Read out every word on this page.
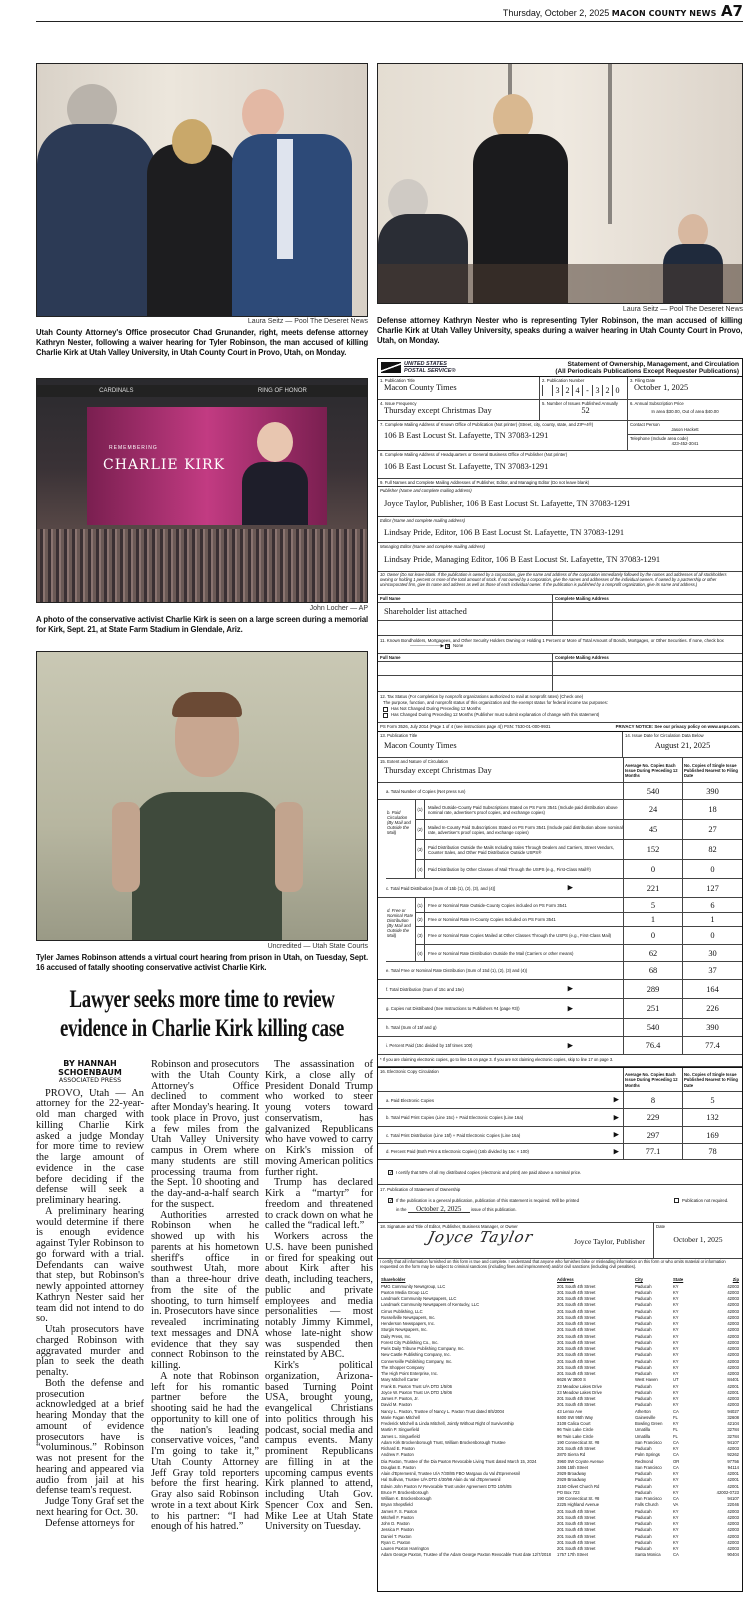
Thursday, October 2, 2025 MACON COUNTY NEWS A7
Laura Seitz — Pool The Deseret News
Utah County Attorney's Office prosecutor Chad Grunander, right, meets defense attorney Kathryn Nester, following a waiver hearing for Tyler Robinson, the man accused of killing Charlie Kirk at Utah Valley University, in Utah County Court in Provo, Utah, on Monday.
CARDINALS	RING OF HONOR
REMEMBERING
CHARLIE KIRK
John Locher — AP
A photo of the conservative activist Charlie Kirk is seen on a large screen during a memorial for Kirk, Sept. 21, at State Farm Stadium in Glendale, Ariz.
Uncredited — Utah State Courts
Tyler James Robinson attends a virtual court hearing from prison in Utah, on Tuesday, Sept. 16 accused of fatally shooting conservative activist Charlie Kirk.
Lawyer seeks more time to review evidence in Charlie Kirk killing case
BY HANNAH SCHOENBAUM
ASSOCIATED PRESS

PROVO, Utah — An attorney for the 22-year-old man charged with killing Charlie Kirk asked a judge Monday for more time to review the large amount of evidence in the case before deciding if the defense will seek a preliminary hearing.

A preliminary hearing would determine if there is enough evidence against Tyler Robinson to go forward with a trial. Defendants can waive that step, but Robinson's newly appointed attorney Kathryn Nester said her team did not intend to do so.

Utah prosecutors have charged Robinson with aggravated murder and plan to seek the death penalty.

Both the defense and prosecution acknowledged at a brief hearing Monday that the amount of evidence prosecutors have is “voluminous.” Robinson was not present for the hearing and appeared via audio from jail at his defense team's request.

Judge Tony Graf set the next hearing for Oct. 30.

Defense attorneys for

Robinson and prosecutors with the Utah County Attorney's Office declined to comment after Monday's hearing. It took place in Provo, just a few miles from the Utah Valley University campus in Orem where many students are still processing trauma from the Sept. 10 shooting and the day-and-a-half search for the suspect.

Authorities arrested Robinson when he showed up with his parents at his hometown sheriff's office in southwest Utah, more than a three-hour drive from the site of the shooting, to turn himself in. Prosecutors have since revealed incriminating text messages and DNA evidence that they say connect Robinson to the killing.

A note that Robinson left for his romantic partner before the shooting said he had the opportunity to kill one of the nation's leading conservative voices, “and I'm going to take it,” Utah County Attorney Jeff Gray told reporters before the first hearing. Gray also said Robinson wrote in a text about Kirk to his partner: “I had enough of his hatred.”

The assassination of Kirk, a close ally of President Donald Trump who worked to steer young voters toward conservatism, has galvanized Republicans who have vowed to carry on Kirk's mission of moving American politics further right.

Trump has declared Kirk a “martyr” for freedom and threatened to crack down on what he called the “radical left.”

Workers across the U.S. have been punished or fired for speaking out about Kirk after his death, including teachers, public and private employees and media personalities — most notably Jimmy Kimmel, whose late-night show was suspended then reinstated by ABC.

Kirk's political organization, Arizona-based Turning Point USA, brought young, evangelical Christians into politics through his podcast, social media and campus events. Many prominent Republicans are filling in at the upcoming campus events Kirk planned to attend, including Utah Gov. Spencer Cox and Sen. Mike Lee at Utah State University on Tuesday.

Laura Seitz — Pool The Deseret News
Defense attorney Kathryn Nester who is representing Tyler Robinson, the man accused of killing Charlie Kirk at Utah Valley University, speaks during a waiver hearing in Utah County Court in Provo, Utah, on Monday.
UNITED STATES
POSTAL SERVICE®
Statement of Ownership, Management, and Circulation
(All Periodicals Publications Except Requester Publications)
1. Publication Title
Macon County Times
2. Publication Number
3 2 4 - 3 2 0
3. Filing Date
October 1, 2025
4. Issue Frequency
Thursday except Christmas Day
5. Number of Issues Published Annually
52
6. Annual Subscription Price
In area $30.00, Out of area $40.00
7. Complete Mailing Address of Known Office of Publication (Not printer) (Street, city, county, state, and ZIP+4®)
106 B East Locust St. Lafayette, TN 37083-1291
Contact Person
Jason Hackett
Telephone (Include area code)
423-452-3041
8. Complete Mailing Address of Headquarters or General Business Office of Publisher (Not printer)
106 B East Locust St. Lafayette, TN 37083-1291
9. Full Names and Complete Mailing Addresses of Publisher, Editor, and Managing Editor (Do not leave blank)
Publisher (Name and complete mailing address)
Joyce Taylor, Publisher, 106 B East Locust St. Lafayette, TN 37083-1291
Editor (Name and complete mailing address)
Lindsay Pride, Editor, 106 B East Locust St. Lafayette, TN 37083-1291
Managing Editor (Name and complete mailing address)
Lindsay Pride, Managing Editor, 106 B East Locust St. Lafayette, TN 37083-1291
10. Owner (Do not leave blank. If the publication is owned by a corporation, give the name and address of the corporation immediately followed by the names and addresses of all stockholders owning or holding 1 percent or more of the total amount of stock. If not owned by a corporation, give the names and addresses of the individual owners. If owned by a partnership or other unincorporated firm, give its name and address as well as those of each individual owner. If the publication is published by a nonprofit organization, give its name and address.)
Full Name	Complete Mailing Address
Shareholder list attached
11. Known Bondholders, Mortgagees, and Other Security Holders Owning or Holding 1 Percent or More of Total Amount of Bonds, Mortgages, or Other Securities. If none, check box ──────────▶ ✕ None
Full Name	Complete Mailing Address
12. Tax Status (For completion by nonprofit organizations authorized to mail at nonprofit rates) (Check one)
The purpose, function, and nonprofit status of this organization and the exempt status for federal income tax purposes:
Has Not Changed During Preceding 12 Months
Has Changed During Preceding 12 Months (Publisher must submit explanation of change with this statement)
PS Form 3526, July 2014 (Page 1 of 4 (see instructions page 4)) PSN: 7530-01-000-9931	PRIVACY NOTICE: See our privacy policy on www.usps.com.
13. Publication Title
Macon County Times
14. Issue Date for Circulation Data Below
August 21, 2025
15. Extent and Nature of Circulation
Thursday except Christmas Day
Average No. Copies Each Issue During Preceding 12 Months
No. Copies of Single Issue Published Nearest to Filing Date
a. Total Number of Copies (Net press run)	540	390
b. Paid Circulation (By Mail and Outside the Mail)
(1)	Mailed Outside-County Paid Subscriptions Stated on PS Form 3541 (Include paid distribution above nominal rate, advertiser's proof copies, and exchange copies)	24	18
(2)	Mailed In-County Paid Subscriptions Stated on PS Form 3541 (Include paid distribution above nominal rate, advertiser's proof copies, and exchange copies)	45	27
(3)	Paid Distribution Outside the Mails Including Sales Through Dealers and Carriers, Street Vendors, Counter Sales, and Other Paid Distribution Outside USPS®	152	82
(4)	Paid Distribution by Other Classes of Mail Through the USPS (e.g., First-Class Mail®)	0	0
c. Total Paid Distribution [Sum of 15b (1), (2), (3), and (4)]	▶	221	127
d. Free or Nominal Rate Distribution (By Mail and Outside the Mail)
(1)	Free or Nominal Rate Outside-County Copies included on PS Form 3541	5	6
(2)	Free or Nominal Rate In-County Copies Included on PS Form 3541	1	1
(3)	Free or Nominal Rate Copies Mailed at Other Classes Through the USPS (e.g., First-Class Mail)	0	0
(4)	Free or Nominal Rate Distribution Outside the Mail (Carriers or other means)	62	30
e. Total Free or Nominal Rate Distribution (Sum of 15d (1), (2), (3) and (4))	68	37
f. Total Distribution (Sum of 15c and 15e)	▶	289	164
g. Copies not Distributed (See Instructions to Publishers #4 (page #3))	▶	251	226
h. Total (Sum of 15f and g)	540	390
i. Percent Paid (15c divided by 15f times 100)	▶	76.4	77.4
* If you are claiming electronic copies, go to line 16 on page 3. If you are not claiming electronic copies, skip to line 17 on page 3.
16. Electronic Copy Circulation
Average No. Copies Each Issue During Preceding 12 Months
No. Copies of Single Issue Published Nearest to Filing Date
a. Paid Electronic Copies	▶	8	5
b. Total Paid Print Copies (Line 15c) + Paid Electronic Copies (Line 16a)	▶	229	132
c. Total Print Distribution (Line 15f) + Paid Electronic Copies (Line 16a)	▶	297	169
d. Percent Paid (Both Print & Electronic Copies) (16b divided by 16c × 100)	▶	77.1	78
✓ I certify that 50% of all my distributed copies (electronic and print) are paid above a nominal price.
17. Publication of Statement of Ownership
✓ If the publication is a general publication, publication of this statement is required. Will be printed	Publication not required.
in the October 2, 2025 issue of this publication.
18. Signature and Title of Editor, Publisher, Business Manager, or Owner
Joyce Taylor	Joyce Taylor, Publisher
Date
October 1, 2025
I certify that all information furnished on this form is true and complete. I understand that anyone who furnishes false or misleading information on this form or who omits material or information requested on the form may be subject to criminal sanctions (including fines and imprisonment) and/or civil sanctions (including civil penalties).
Shareholder	Address	City	State	Zip
PMG Community Newsgroup, LLC	201 South 4th Street	Paducah	KY	42003
Paxton Media Group LLC	201 South 4th Street	Paducah	KY	42003
Landmark Community Newspapers, LLC	201 South 4th Street	Paducah	KY	42003
Landmark Community Newspapers of Kentucky, LLC	201 South 4th Street	Paducah	KY	42003
Cirrus Publishing, LLC	201 South 4th Street	Paducah	KY	42003
Russellville Newspapers, Inc.	201 South 4th Street	Paducah	KY	42003
Henderson Newspapers, Inc.	201 South 4th Street	Paducah	KY	42003
Sturgis Newspapers, Inc.	201 South 4th Street	Paducah	KY	42003
Daily Press, Inc.	201 South 4th Street	Paducah	KY	42003
Forest City Publishing Co., Inc.	201 South 4th Street	Paducah	KY	42003
Paris Daily Tribune Publishing Company, Inc.	201 South 4th Street	Paducah	KY	42003
New Castle Publishing Company, Inc.	201 South 4th Street	Paducah	KY	42003
Connersville Publishing Company, Inc.	201 South 4th Street	Paducah	KY	42003
The Shopper Company	201 South 4th Street	Paducah	KY	42003
The High Point Enterprise, Inc.	201 South 4th Street	Paducah	KY	42003
Mary Mitchell Carter	6626 W 3900 S	West Haven	UT	84401
Frank B. Paxton Trust U/A DTD 1/5/06	23 Meadow Lakes Drive	Paducah	KY	42001
Joyce W. Paxton Trust UA DTD 1/5/06	23 Meadow Lakes Drive	Paducah	KY	42001
James F. Paxton, Jr.	201 South 4th Street	Paducah	KY	42003
David M. Paxton	201 South 4th Street	Paducah	KY	42003
Nancy L. Paxton, Trustee of Nancy L. Paxton Trust dated 8/5/2004	43 Lenox Ave	Atherton	CA	94027
Marie Fagan Mitchell	8400 SW 95th Way	Gainesville	FL	32608
Frederick Mitchell & Linda Mitchell, Jointly Without Right of Survivorship	3108 Calica Court	Bowling Green	KY	42104
Martin P. Singuefield	96 Twin Lake Circle	Umatilla	FL	32784
James L. Singuefield	96 Twin Lake Circle	Umatilla	FL	32784
Adam Kirk Brockenborough Trust, William Brockenborough Trustee	190 Connecticut St. #8	San Francisco	CA	94107
Richard E. Paxton	201 South 4th Street	Paducah	KY	42003
Andrew F. Paxton	2870 Sierra Rd	Palm Springs	CA	92262
Dia Paxton, Trustee of the Dia Paxton Revocable Living Trust dated March 15, 2024	3960 SW Coyote Avenue	Redmond	OR	97756
Douglas E. Paxton	2406 15th Street	San Francisco	CA	94114
Alain d'Epremesnil, Trustee U/A 7/30/85 FBO Margaux du Val d'Epremesnil	2929 Broadway	Paducah	KY	42001
Hal Sullivan, Trustee U/A DTD 4/30/98 Alain du Val d'Epremesnil	2929 Broadway	Paducah	KY	42001
Edwin John Paxton IV Revocable Trust under Agreement DTD 10/5/05	3150 Olivet Church Rd	Paducah	KY	42001
Bruce P. Brockenborough	PO Box 723	Paducah	KY	42002-0723
William K. Brockenborough	190 Connecticut St. #8	San Francisco	CA	94107
Bryan Shepsfield	2225 Highland Avenue	Falls Church	VA	22046
James F. S. Paxton	201 South 4th Street	Paducah	KY	42003
Mitchell F. Paxton	201 South 4th Street	Paducah	KY	42003
John D. Paxton	201 South 4th Street	Paducah	KY	42003
Jessica P. Paxton	201 South 4th Street	Paducah	KY	42003
Daniel T. Paxton	201 South 4th Street	Paducah	KY	42003
Ryan C. Paxton	201 South 4th Street	Paducah	KY	42003
Lauren Paxton Harrington	201 South 4th Street	Paducah	KY	42003
Adam George Paxton, Trustee of the Adam George Paxton Revocable Trust date 12/7/2018	1757 17th Street	Santa Monica	CA	90404
